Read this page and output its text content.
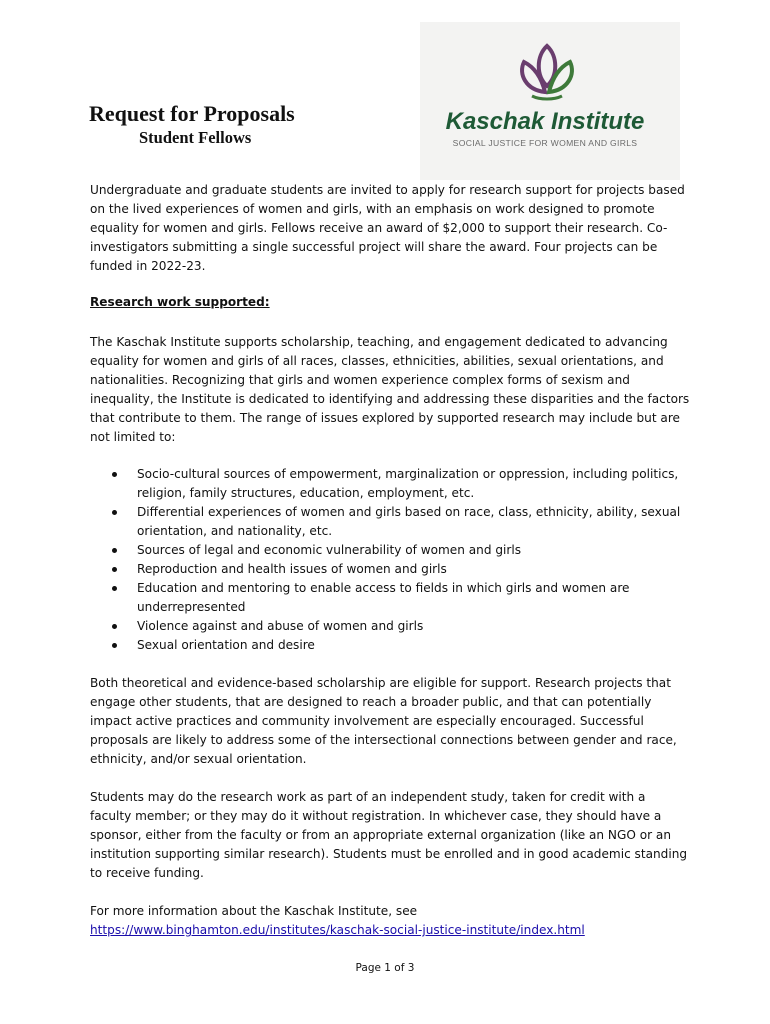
Request for Proposals
Student Fellows
Kaschak Institute
SOCIAL JUSTICE FOR WOMEN AND GIRLS
Undergraduate and graduate students are invited to apply for research support for projects based on the lived experiences of women and girls, with an emphasis on work designed to promote equality for women and girls. Fellows receive an award of $2,000 to support their research. Co-investigators submitting a single successful project will share the award. Four projects can be funded in 2022-23.
Research work supported:
The Kaschak Institute supports scholarship, teaching, and engagement dedicated to advancing equality for women and girls of all races, classes, ethnicities, abilities, sexual orientations, and nationalities. Recognizing that girls and women experience complex forms of sexism and inequality, the Institute is dedicated to identifying and addressing these disparities and the factors that contribute to them. The range of issues explored by supported research may include but are not limited to:
Socio-cultural sources of empowerment, marginalization or oppression, including politics, religion, family structures, education, employment, etc.
Differential experiences of women and girls based on race, class, ethnicity, ability, sexual orientation, and nationality, etc.
Sources of legal and economic vulnerability of women and girls
Reproduction and health issues of women and girls
Education and mentoring to enable access to fields in which girls and women are underrepresented
Violence against and abuse of women and girls
Sexual orientation and desire
Both theoretical and evidence-based scholarship are eligible for support. Research projects that engage other students, that are designed to reach a broader public, and that can potentially impact active practices and community involvement are especially encouraged. Successful proposals are likely to address some of the intersectional connections between gender and race, ethnicity, and/or sexual orientation.
Students may do the research work as part of an independent study, taken for credit with a faculty member; or they may do it without registration. In whichever case, they should have a sponsor, either from the faculty or from an appropriate external organization (like an NGO or an institution supporting similar research). Students must be enrolled and in good academic standing to receive funding.
For more information about the Kaschak Institute, see
https://www.binghamton.edu/institutes/kaschak-social-justice-institute/index.html
Page 1 of 3
